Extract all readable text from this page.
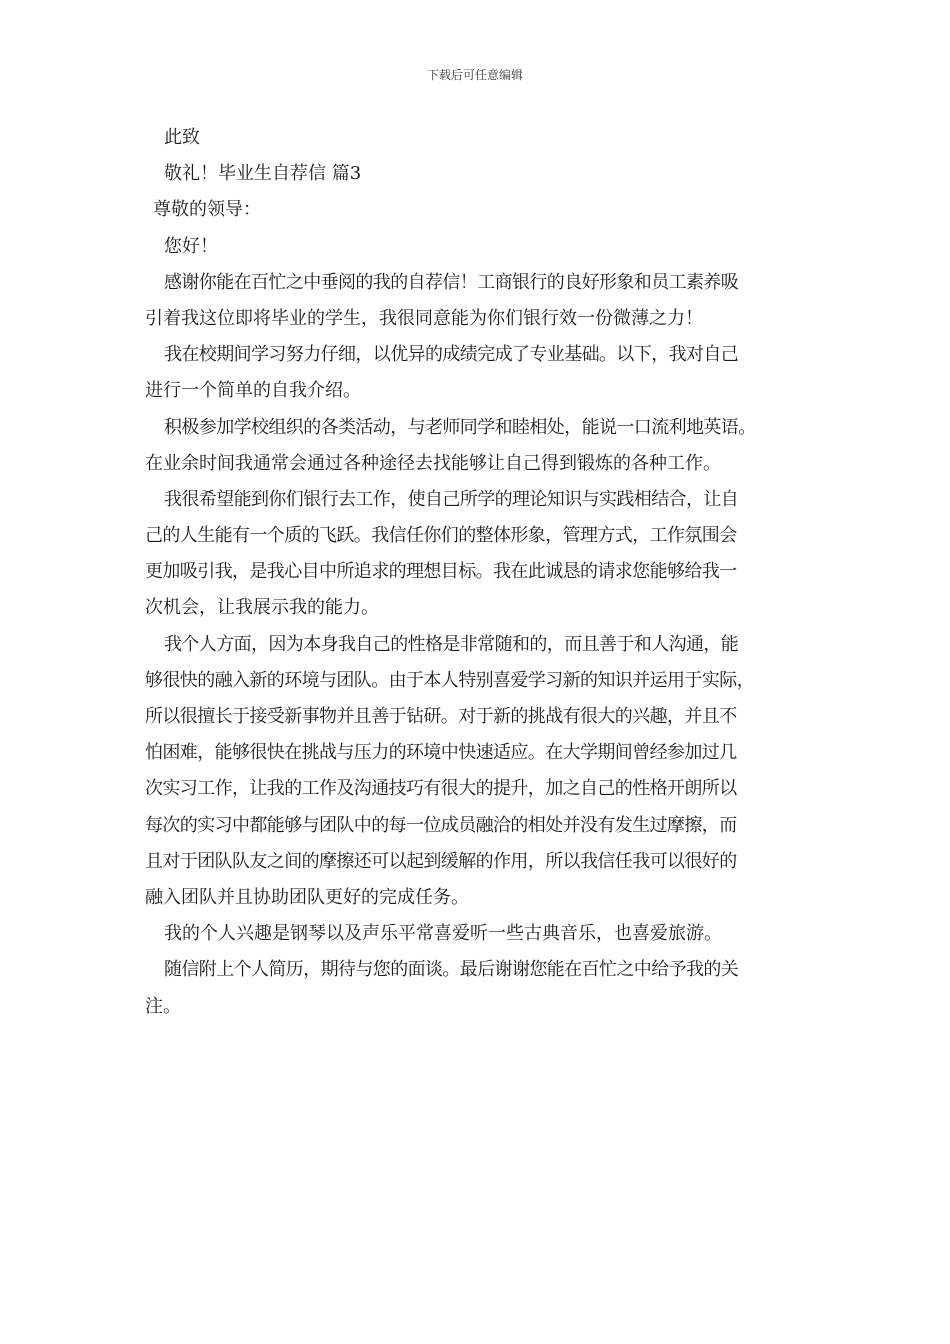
下载后可任意编辑
此致
敬礼！毕业生自荐信 篇3
尊敬的领导：
您好！
感谢你能在百忙之中垂阅的我的自荐信！工商银行的良好形象和员工素养吸
引着我这位即将毕业的学生，我很同意能为你们银行效一份微薄之力！
我在校期间学习努力仔细，以优异的成绩完成了专业基础。以下，我对自己
进行一个简单的自我介绍。
积极参加学校组织的各类活动，与老师同学和睦相处，能说一口流利地英语。
在业余时间我通常会通过各种途径去找能够让自己得到锻炼的各种工作。
我很希望能到你们银行去工作，使自己所学的理论知识与实践相结合，让自
己的人生能有一个质的飞跃。我信任你们的整体形象，管理方式，工作氛围会
更加吸引我，是我心目中所追求的理想目标。我在此诚恳的请求您能够给我一
次机会，让我展示我的能力。
我个人方面，因为本身我自己的性格是非常随和的，而且善于和人沟通，能
够很快的融入新的环境与团队。由于本人特别喜爱学习新的知识并运用于实际，
所以很擅长于接受新事物并且善于钻研。对于新的挑战有很大的兴趣，并且不
怕困难，能够很快在挑战与压力的环境中快速适应。在大学期间曾经参加过几
次实习工作，让我的工作及沟通技巧有很大的提升，加之自己的性格开朗所以
每次的实习中都能够与团队中的每一位成员融洽的相处并没有发生过摩擦，而
且对于团队队友之间的摩擦还可以起到缓解的作用，所以我信任我可以很好的
融入团队并且协助团队更好的完成任务。
我的个人兴趣是钢琴以及声乐平常喜爱听一些古典音乐，也喜爱旅游。
随信附上个人简历，期待与您的面谈。最后谢谢您能在百忙之中给予我的关
注。
